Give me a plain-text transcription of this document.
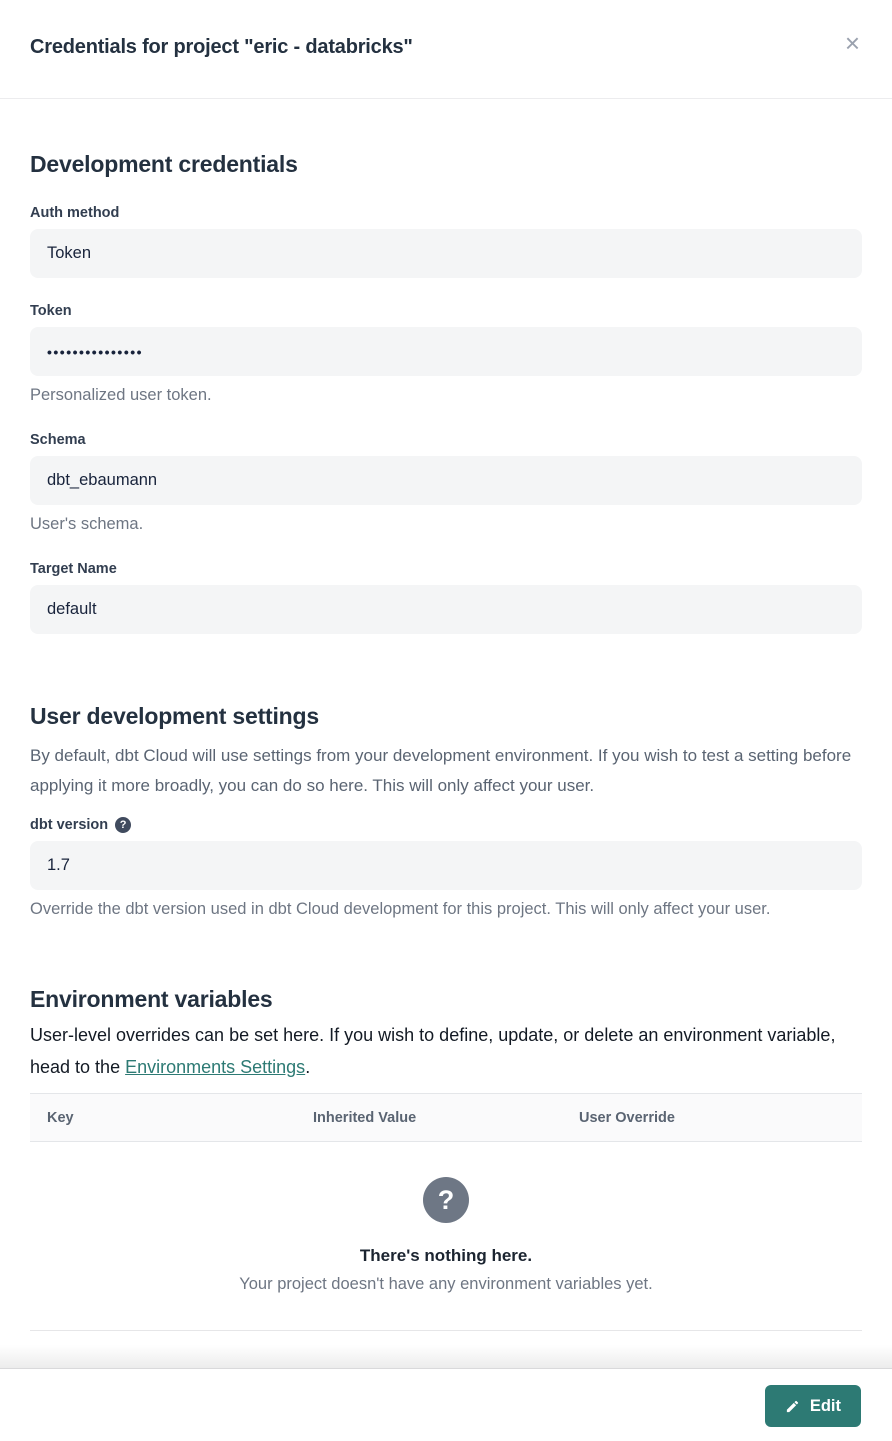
Credentials for project "eric - databricks"	×
Development credentials
Auth method
Token
Token
•••••••••••••••

Personalized user token.

Schema
dbt_ebaumann

User's schema.

Target Name
default
User development settings

By default, dbt Cloud will use settings from your development environment. If you wish to test a setting before applying it more broadly, you can do so here. This will only affect your user.

dbt version	?
1.7

Override the dbt version used in dbt Cloud development for this project. This will only affect your user.

Environment variables

User-level overrides can be set here. If you wish to define, update, or delete an environment variable, head to the Environments Settings.

Key	Inherited Value	User Override
?
There's nothing here.
Your project doesn't have any environment variables yet.
Edit
